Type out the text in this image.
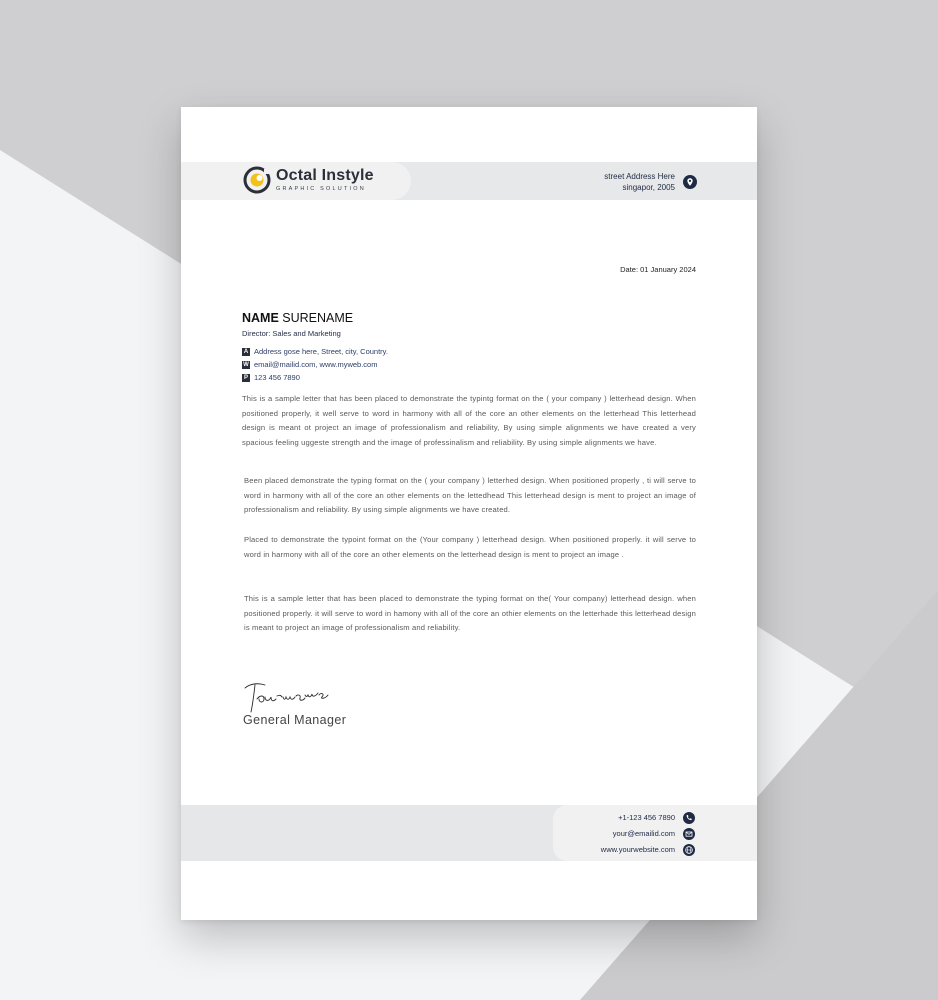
Octal Instyle
GRAPHIC SOLUTION
street Address Here
singapor, 2005
Date: 01 January 2024
NAME SURENAME
Director: Sales and Marketing
A Address gose here, Street, city, Country.
W email@mailid.com, www.myweb.com
P 123 456 7890
This is a sample letter that has been placed to demonstrate the typintg format on the ( your company ) letterhead design. When positioned properly, it well serve to word in harmony with all of the core an other elements on the letterhead This letterhead design is meant ot project an image of professionalism and reliability, By using simple alignments we have created a very spacious feeling uggeste strength and the image of professinalism and reliability. By using simple alignments we have.
Been placed demonstrate the typing format on the ( your company ) letterhed design. When positioned properly , ti will serve to word in harmony with all of the core an other elements on the lettedhead This letterhead design is ment to project an image of professionalism and reliability. By using simple alignments we have created.
Placed to demonstrate the typoint format on the (Your company ) letterhead design. When positioned properly. it will serve to word in harmony with all of the core an other elements on the letterhead design is ment to project an image .
This is a sample letter that has been placed to demonstrate the typing format on the( Your company) letterhead design. when positioned properly. it will serve to word in hamony with all of the core an othier elements on the letterhade this letterhead design is meant to project an image of professionalism and reliability.
General Manager
+1-123 456 7890
your@emailid.com
www.yourwebsite.com
